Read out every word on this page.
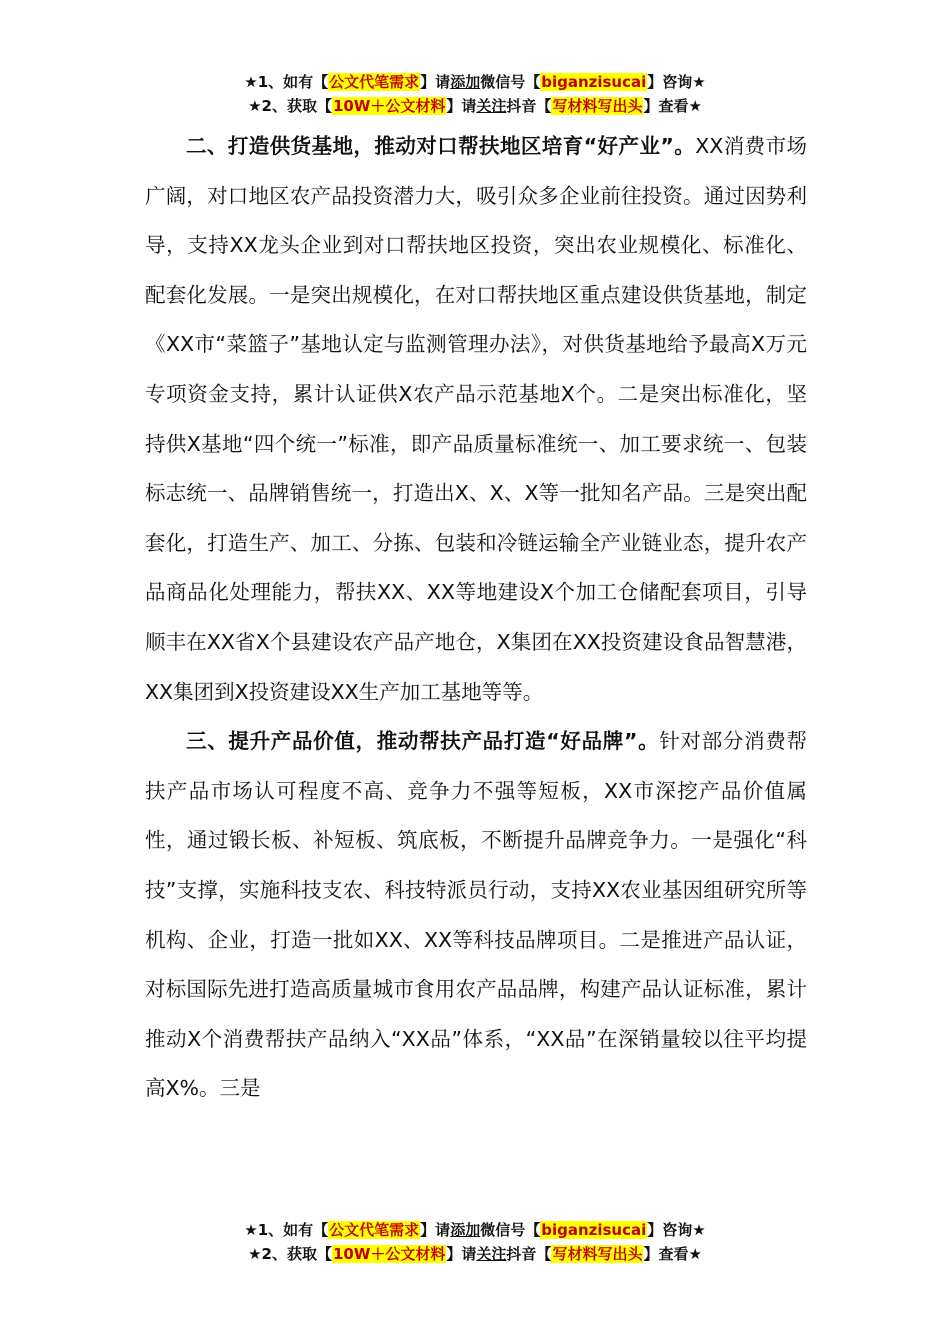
★1、如有【公文代笔需求】请添加微信号【biganzisucai】咨询★
★2、获取【10W＋公文材料】请关注抖音【写材料写出头】查看★

二、打造供货基地，推动对口帮扶地区培育“好产业”。XX消费市场广阔，对口地区农产品投资潜力大，吸引众多企业前往投资。通过因势利导，支持XX龙头企业到对口帮扶地区投资，突出农业规模化、标准化、配套化发展。一是突出规模化，在对口帮扶地区重点建设供货基地，制定《XX市“菜篮子”基地认定与监测管理办法》，对供货基地给予最高X万元专项资金支持，累计认证供X农产品示范基地X个。二是突出标准化，坚持供X基地“四个统一”标准，即产品质量标准统一、加工要求统一、包装标志统一、品牌销售统一，打造出X、X、X等一批知名产品。三是突出配套化，打造生产、加工、分拣、包装和冷链运输全产业链业态，提升农产品商品化处理能力，帮扶XX、XX等地建设X个加工仓储配套项目，引导顺丰在XX省X个县建设农产品产地仓，X集团在XX投资建设食品智慧港，XX集团到X投资建设XX生产加工基地等等。

三、提升产品价值，推动帮扶产品打造“好品牌”。针对部分消费帮扶产品市场认可程度不高、竞争力不强等短板，XX市深挖产品价值属性，通过锻长板、补短板、筑底板，不断提升品牌竞争力。一是强化“科技”支撑，实施科技支农、科技特派员行动，支持XX农业基因组研究所等机构、企业，打造一批如XX、XX等科技品牌项目。二是推进产品认证，对标国际先进打造高质量城市食用农产品品牌，构建产品认证标准，累计推动X个消费帮扶产品纳入“XX品”体系，“XX品”在深销量较以往平均提高X%。三是

★1、如有【公文代笔需求】请添加微信号【biganzisucai】咨询★
★2、获取【10W＋公文材料】请关注抖音【写材料写出头】查看★
